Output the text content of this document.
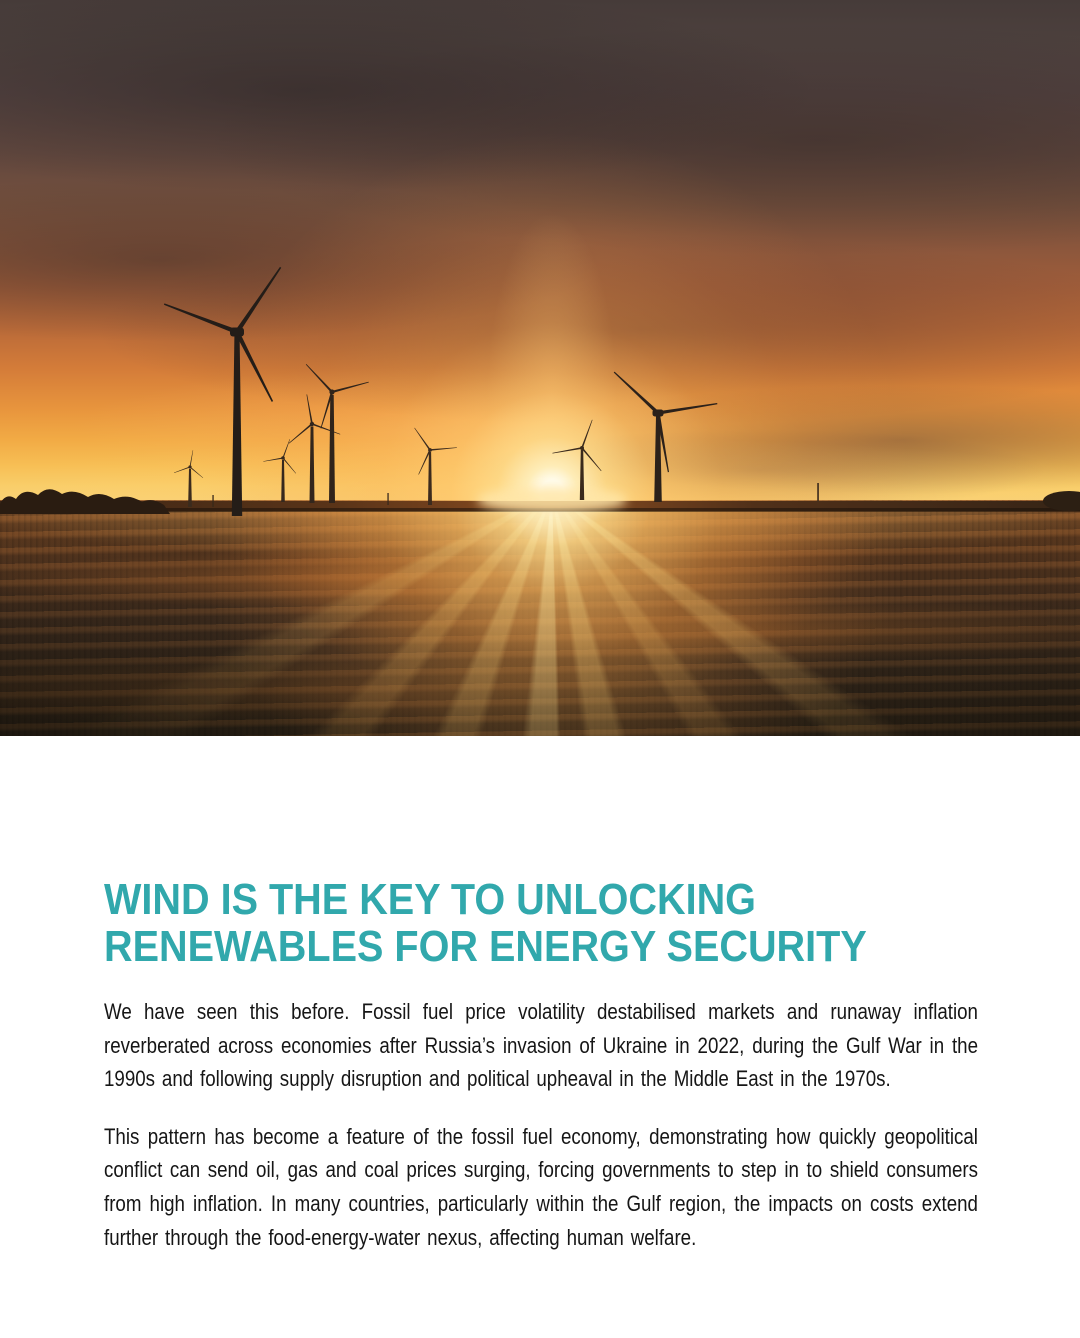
WIND IS THE KEY TO UNLOCKING
RENEWABLES FOR ENERGY SECURITY

We have seen this before. Fossil fuel price volatility destabilised markets and runaway inflation reverberated across economies after Russia’s invasion of Ukraine in 2022, during the Gulf War in the 1990s and following supply disruption and political upheaval in the Middle East in the 1970s.

This pattern has become a feature of the fossil fuel economy, demonstrating how quickly geopolitical conflict can send oil, gas and coal prices surging, forcing governments to step in to shield consumers from high inflation. In many countries, particularly within the Gulf region, the impacts on costs extend further through the food-energy-water nexus, affecting human welfare.
